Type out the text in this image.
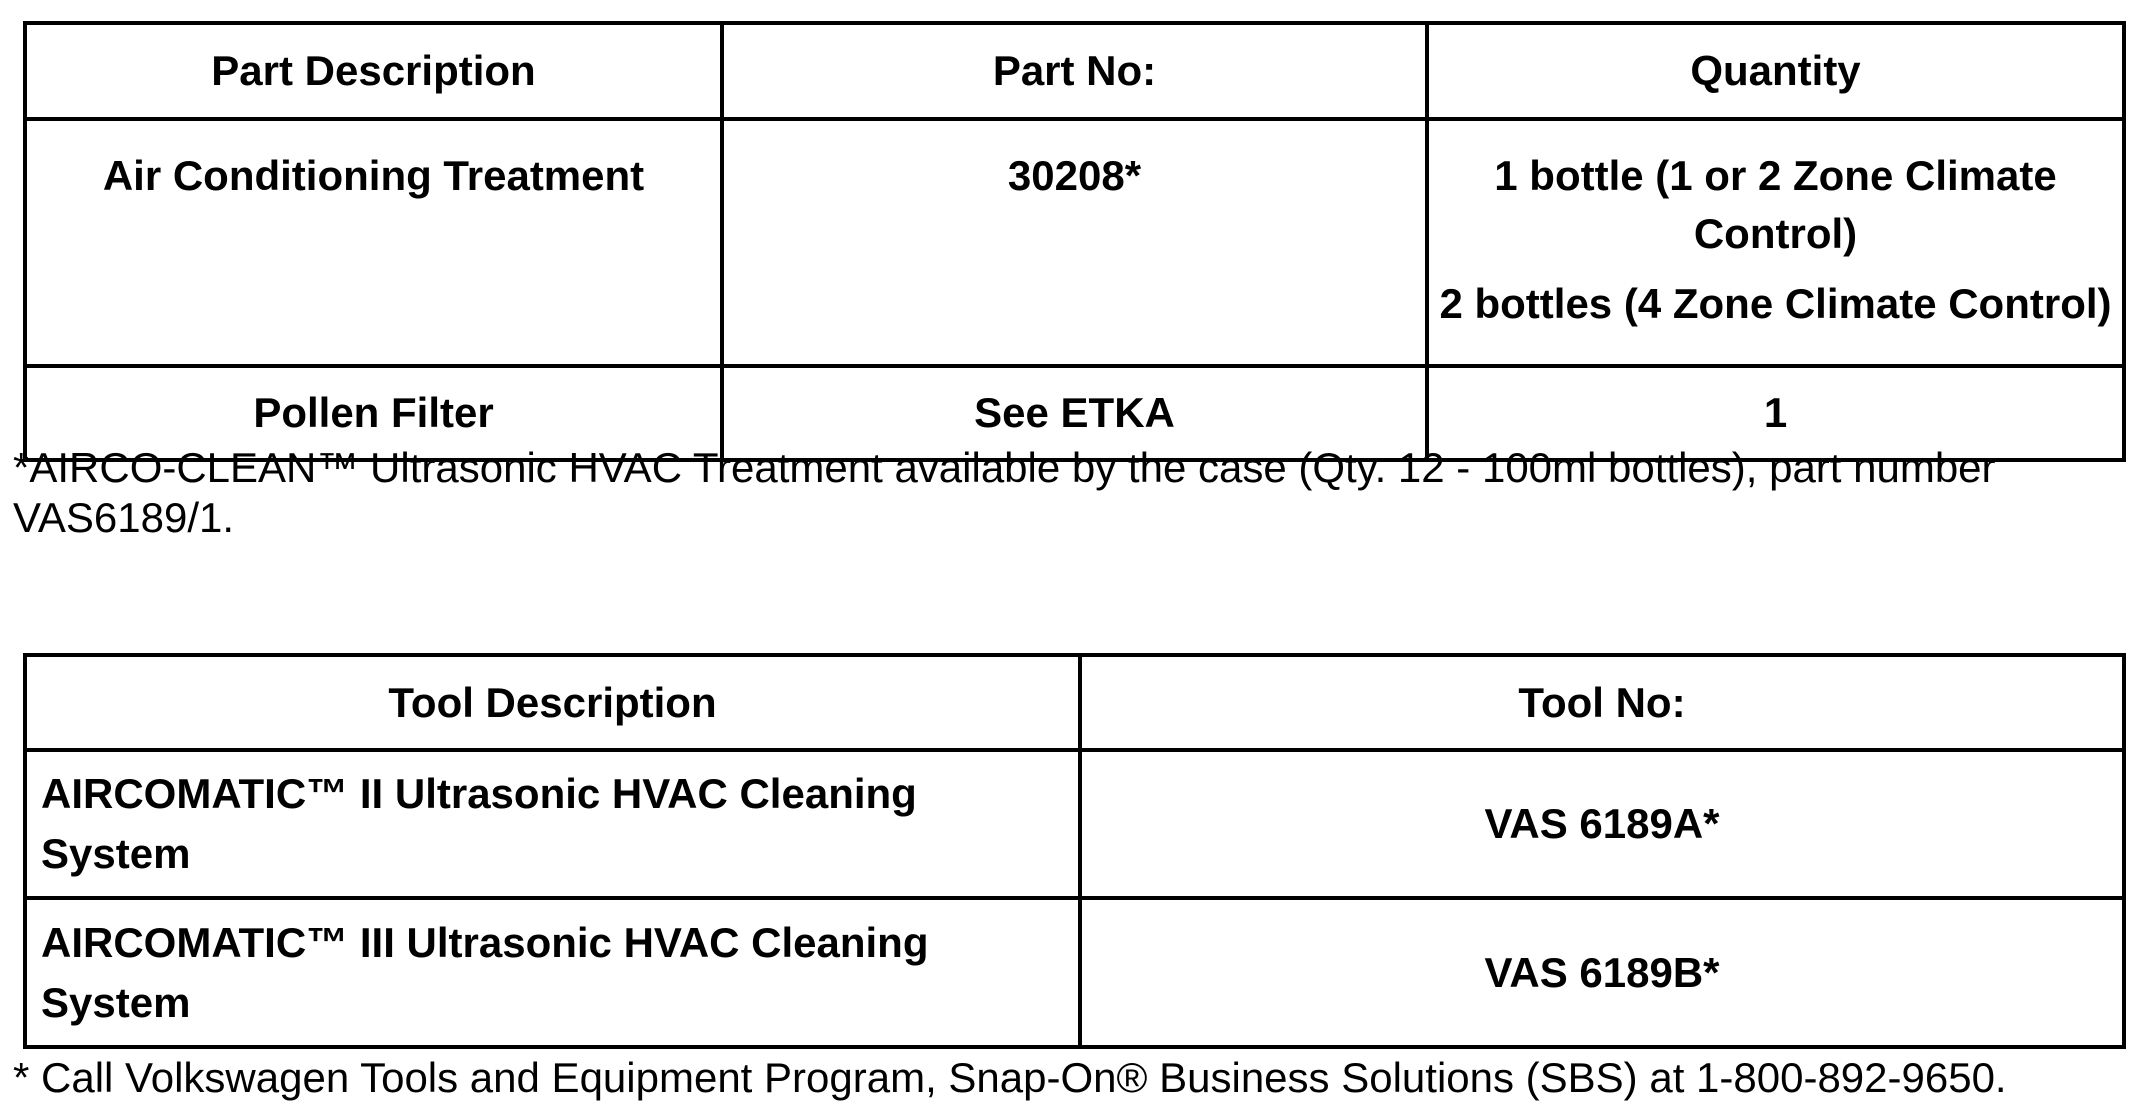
Part Description	Part No:	Quantity
Air Conditioning Treatment	30208*	1 bottle (1 or 2 Zone Climate Control)
2 bottles (4 Zone Climate Control)

Pollen Filter	See ETKA	1

*AIRCO-CLEAN™ Ultrasonic HVAC Treatment available by the case (Qty. 12 - 100ml bottles), part number VAS6189/1.

Tool Description	Tool No:

AIRCOMATIC™ II Ultrasonic HVAC Cleaning System	VAS 6189A*

AIRCOMATIC™ III Ultrasonic HVAC Cleaning System	VAS 6189B*

* Call Volkswagen Tools and Equipment Program, Snap-On® Business Solutions (SBS) at 1-800-892-9650.
